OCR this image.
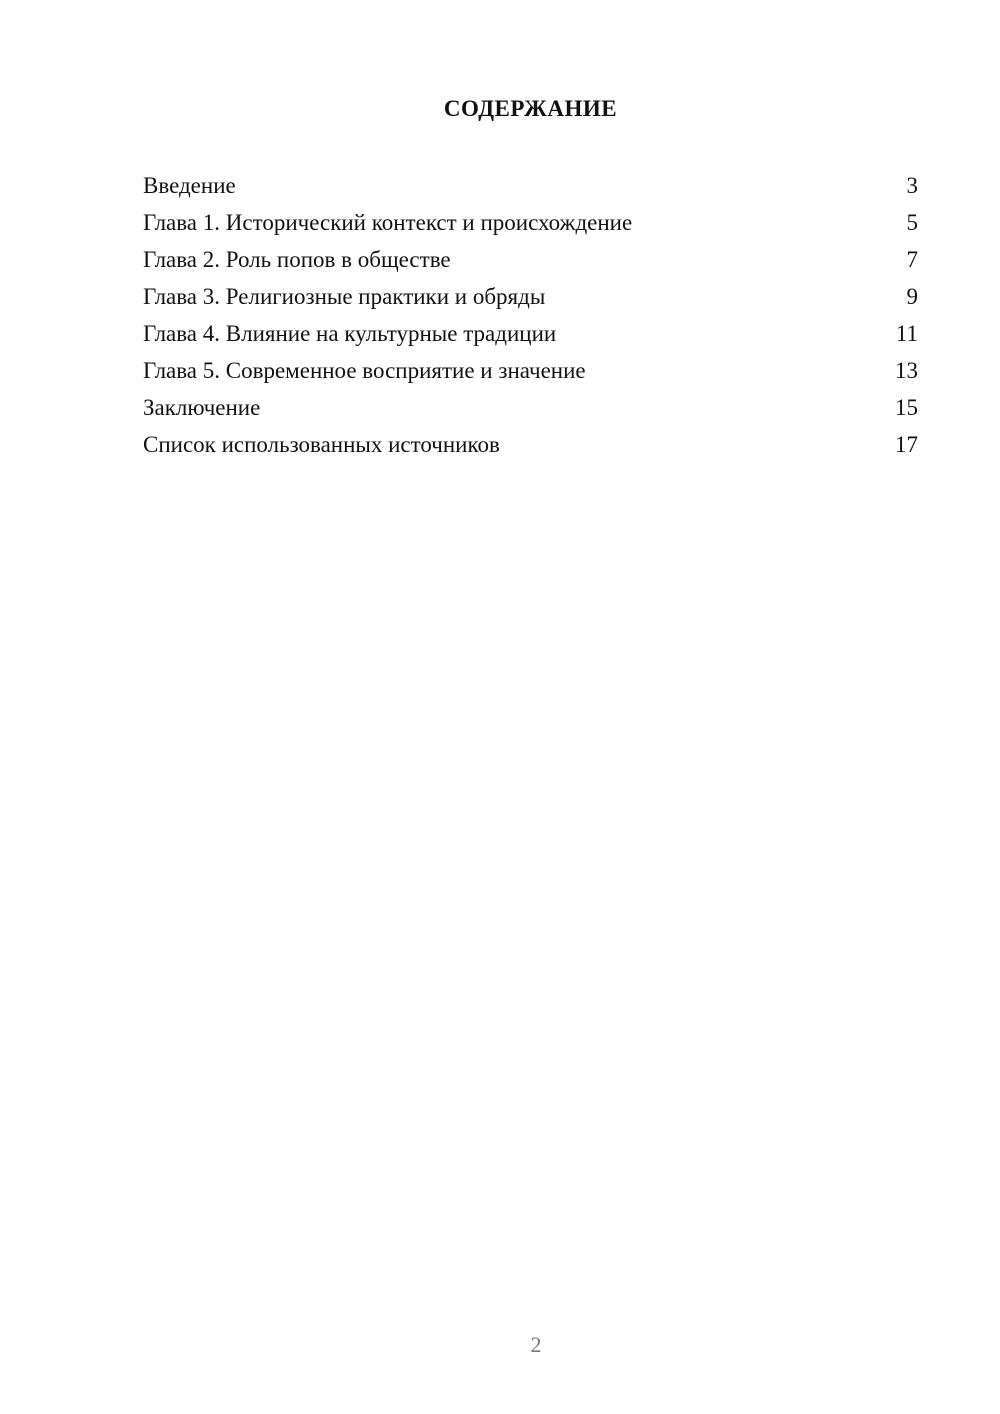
СОДЕРЖАНИЕ
Введение	3
Глава 1. Исторический контекст и происхождение	5
Глава 2. Роль попов в обществе	7
Глава 3. Религиозные практики и обряды	9
Глава 4. Влияние на культурные традиции	11
Глава 5. Современное восприятие и значение	13
Заключение	15
Список использованных источников	17
2
